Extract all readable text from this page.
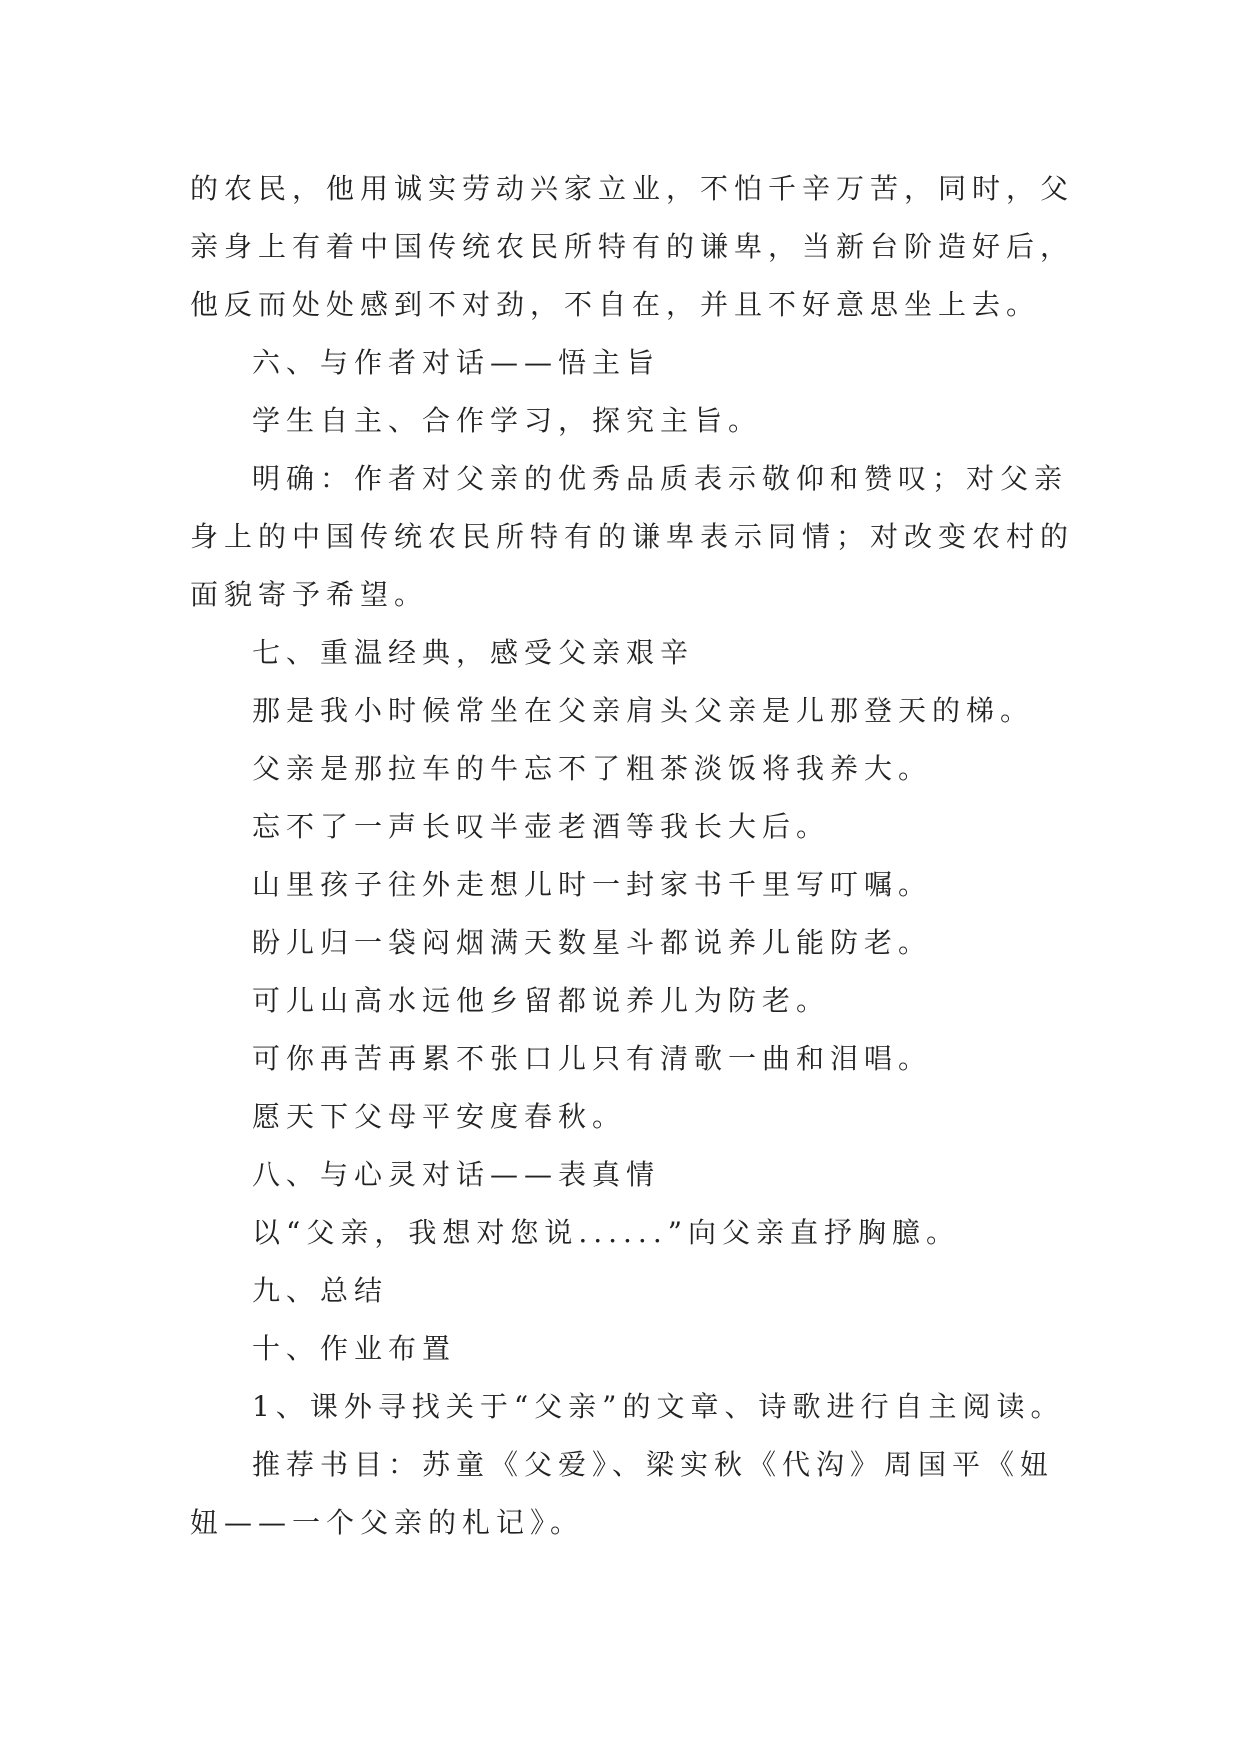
的农民，他用诚实劳动兴家立业，不怕千辛万苦，同时，父

亲身上有着中国传统农民所特有的谦卑，当新台阶造好后，

他反而处处感到不对劲，不自在，并且不好意思坐上去。

六、与作者对话——悟主旨

学生自主、合作学习，探究主旨。

明确：作者对父亲的优秀品质表示敬仰和赞叹；对父亲

身上的中国传统农民所特有的谦卑表示同情；对改变农村的

面貌寄予希望。

七、重温经典，感受父亲艰辛

那是我小时候常坐在父亲肩头父亲是儿那登天的梯。

父亲是那拉车的牛忘不了粗茶淡饭将我养大。

忘不了一声长叹半壶老酒等我长大后。

山里孩子往外走想儿时一封家书千里写叮嘱。

盼儿归一袋闷烟满天数星斗都说养儿能防老。

可儿山高水远他乡留都说养儿为防老。

可你再苦再累不张口儿只有清歌一曲和泪唱。

愿天下父母平安度春秋。

八、与心灵对话——表真情

以“父亲，我想对您说......”向父亲直抒胸臆。

九、总结

十、作业布置

1、课外寻找关于“父亲”的文章、诗歌进行自主阅读。

推荐书目：苏童《父爱》、梁实秋《代沟》周国平《妞

妞——一个父亲的札记》。
